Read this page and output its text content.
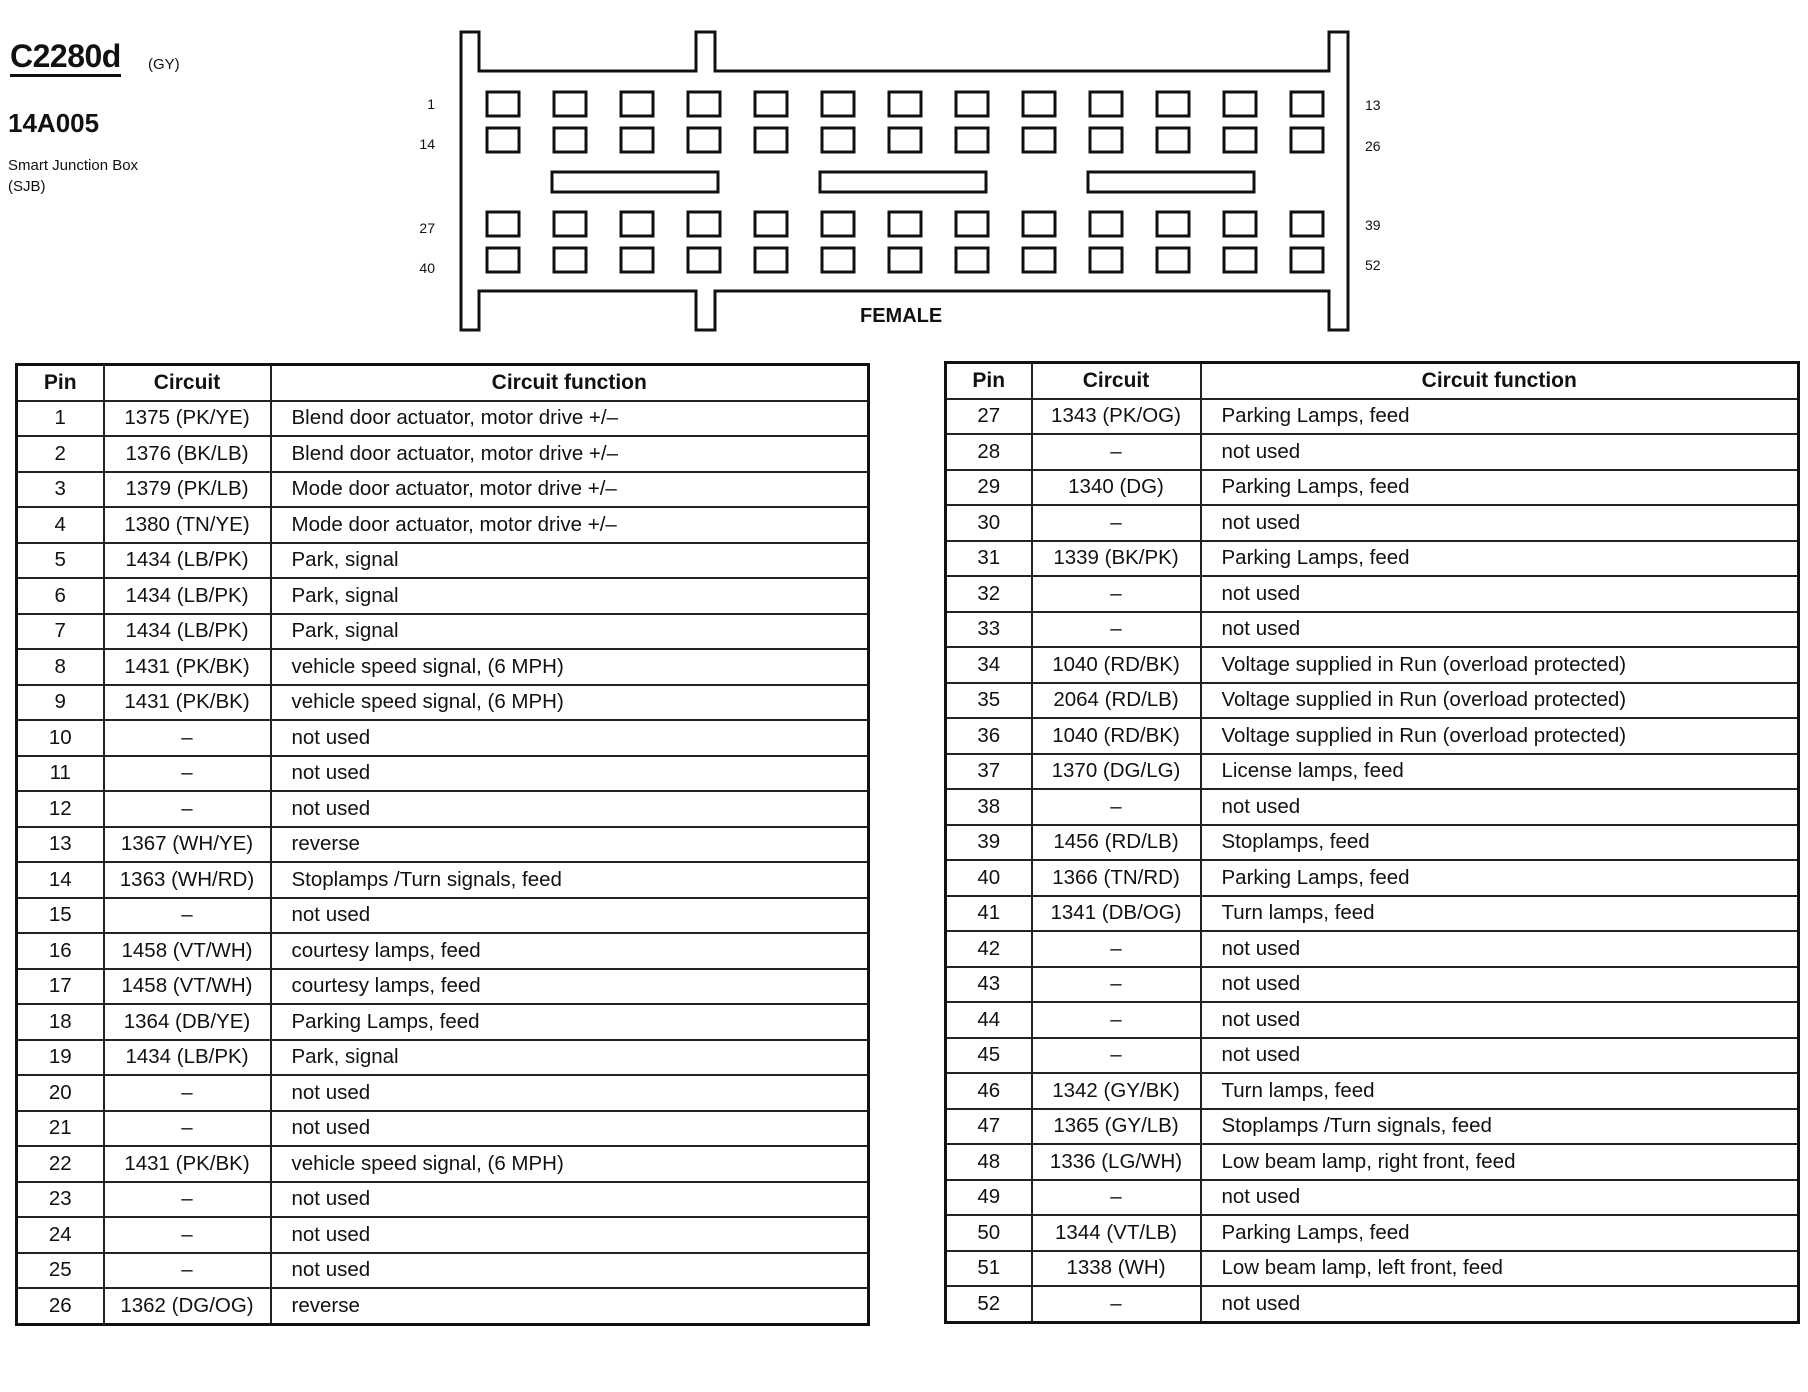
C2280d (GY)
14A005
Smart Junction Box
(SJB)
1
14
27
40
13
26
39
52
FEMALE
Pin	Circuit	Circuit function
1	1375 (PK/YE)	Blend door actuator, motor drive +/–
2	1376 (BK/LB)	Blend door actuator, motor drive +/–
3	1379 (PK/LB)	Mode door actuator, motor drive +/–
4	1380 (TN/YE)	Mode door actuator, motor drive +/–
5	1434 (LB/PK)	Park, signal
6	1434 (LB/PK)	Park, signal
7	1434 (LB/PK)	Park, signal
8	1431 (PK/BK)	vehicle speed signal, (6 MPH)
9	1431 (PK/BK)	vehicle speed signal, (6 MPH)
10	–	not used
11	–	not used
12	–	not used
13	1367 (WH/YE)	reverse
14	1363 (WH/RD)	Stoplamps /Turn signals, feed
15	–	not used
16	1458 (VT/WH)	courtesy lamps, feed
17	1458 (VT/WH)	courtesy lamps, feed
18	1364 (DB/YE)	Parking Lamps, feed
19	1434 (LB/PK)	Park, signal
20	–	not used
21	–	not used
22	1431 (PK/BK)	vehicle speed signal, (6 MPH)
23	–	not used
24	–	not used
25	–	not used
26	1362 (DG/OG)	reverse
Pin	Circuit	Circuit function
27	1343 (PK/OG)	Parking Lamps, feed
28	–	not used
29	1340 (DG)	Parking Lamps, feed
30	–	not used
31	1339 (BK/PK)	Parking Lamps, feed
32	–	not used
33	–	not used
34	1040 (RD/BK)	Voltage supplied in Run (overload protected)
35	2064 (RD/LB)	Voltage supplied in Run (overload protected)
36	1040 (RD/BK)	Voltage supplied in Run (overload protected)
37	1370 (DG/LG)	License lamps, feed
38	–	not used
39	1456 (RD/LB)	Stoplamps, feed
40	1366 (TN/RD)	Parking Lamps, feed
41	1341 (DB/OG)	Turn lamps, feed
42	–	not used
43	–	not used
44	–	not used
45	–	not used
46	1342 (GY/BK)	Turn lamps, feed
47	1365 (GY/LB)	Stoplamps /Turn signals, feed
48	1336 (LG/WH)	Low beam lamp, right front, feed
49	–	not used
50	1344 (VT/LB)	Parking Lamps, feed
51	1338 (WH)	Low beam lamp, left front, feed
52	–	not used
